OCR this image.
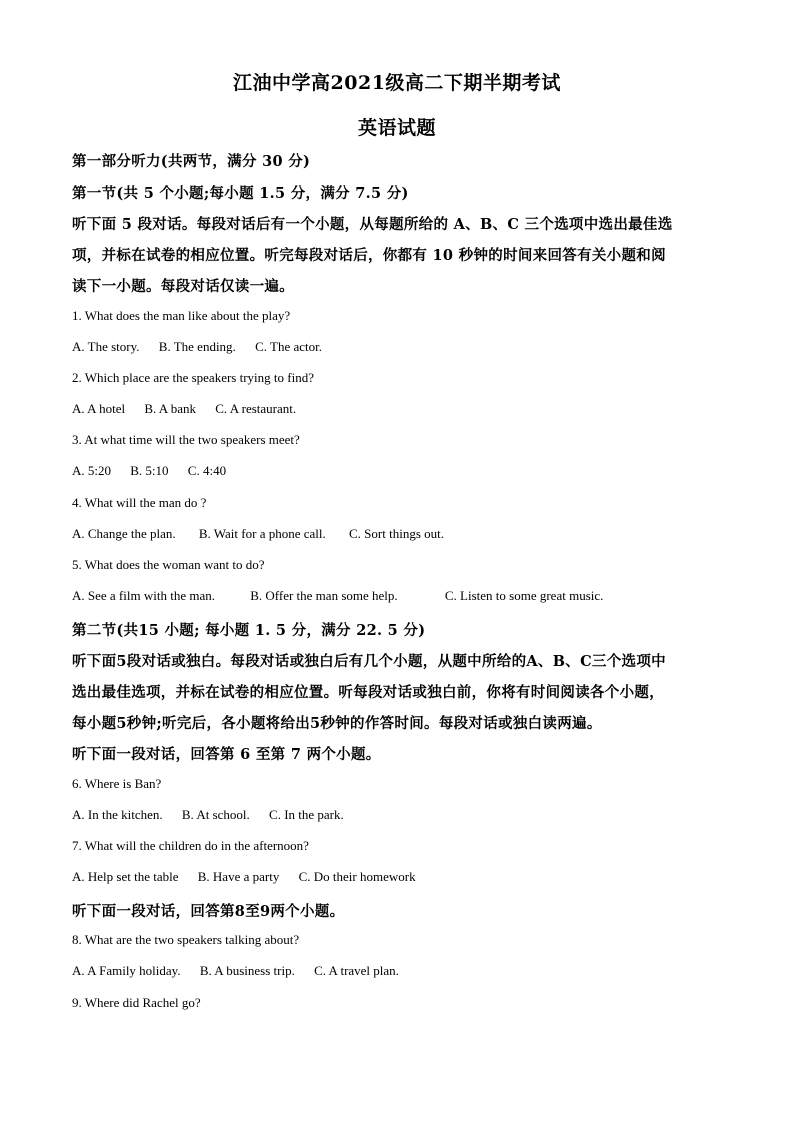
江油中学高2021级高二下期半期考试
英语试题
第一部分听力(共两节，满分 30 分)
第一节(共 5 个小题;每小题 1.5 分，满分 7.5 分)
听下面 5 段对话。每段对话后有一个小题，从每题所给的 A、B、C 三个选项中选出最佳选
项，并标在试卷的相应位置。听完每段对话后，你都有 10 秒钟的时间来回答有关小题和阅
读下一小题。每段对话仅读一遍。
1. What does the man like about the play?
A. The story. B. The ending. C. The actor.
2. Which place are the speakers trying to find?
A. A hotel B. A bank C. A restaurant.
3. At what time will the two speakers meet?
A. 5:20 B. 5:10 C. 4:40
4. What will the man do ?
A. Change the plan. B. Wait for a phone call. C. Sort things out.
5. What does the woman want to do?
A. See a film with the man.	B. Offer the man some help.	C. Listen to some great music.
第二节(共15 小题; 每小题 1. 5 分，满分 22. 5 分)
听下面5段对话或独白。每段对话或独白后有几个小题，从题中所给的A、B、C三个选项中
选出最佳选项，并标在试卷的相应位置。听每段对话或独白前，你将有时间阅读各个小题，
每小题5秒钟;听完后，各小题将给出5秒钟的作答时间。每段对话或独白读两遍。
听下面一段对话，回答第 6 至第 7 两个小题。
6. Where is Ban?
A. In the kitchen. B. At school. C. In the park.
7. What will the children do in the afternoon?
A. Help set the table B. Have a party C. Do their homework
听下面一段对话，回答第8至9两个小题。
8. What are the two speakers talking about?
A. A Family holiday. B. A business trip. C. A travel plan.
9. Where did Rachel go?
